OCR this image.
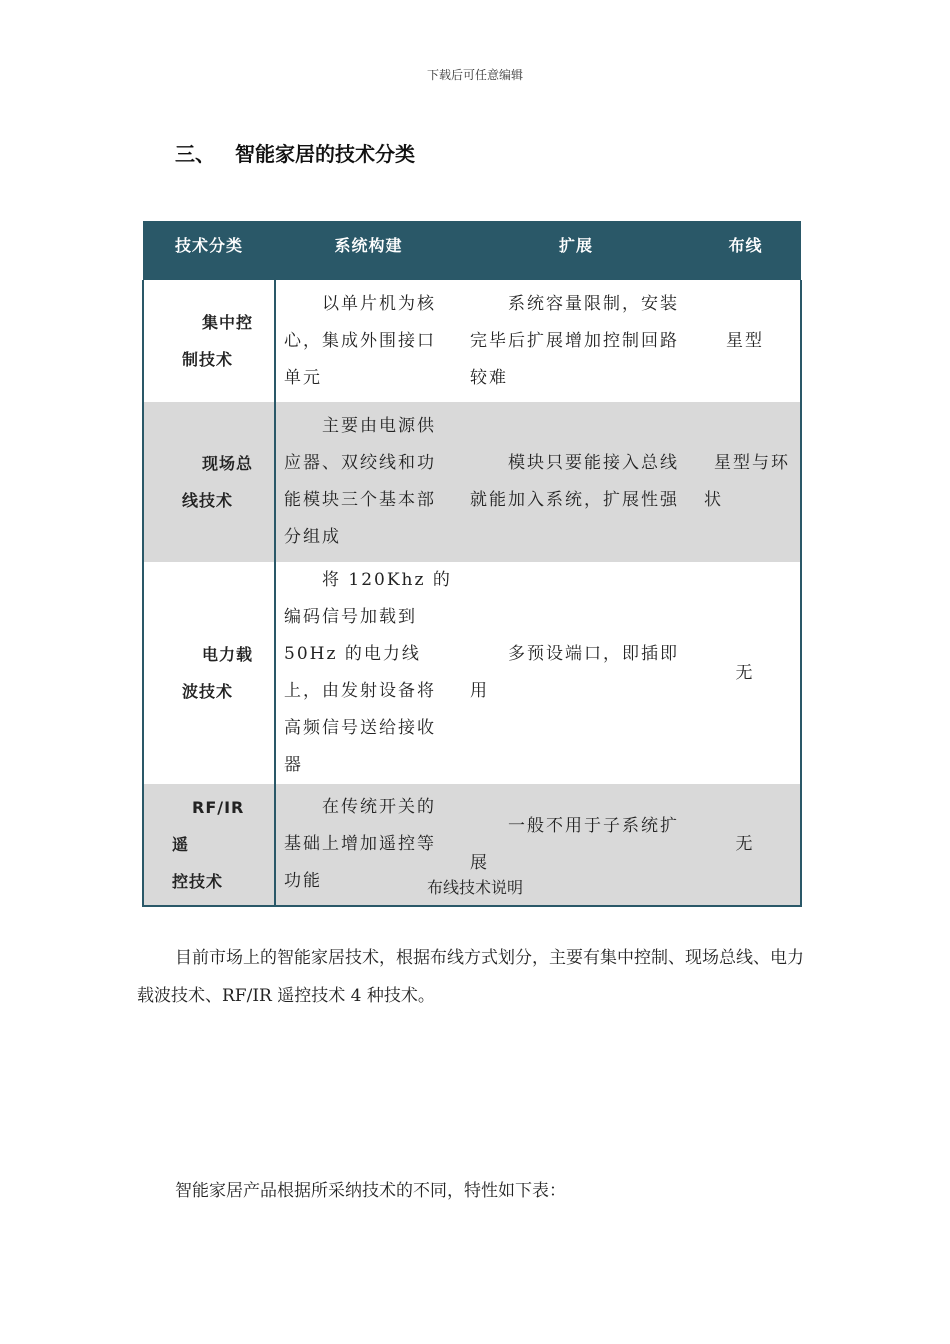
下载后可任意编辑
三、 智能家居的技术分类
技术分类	系统构建	扩展	布线
集中控
制技术	以单片机为核心，集成外围接口单元	系统容量限制，安装完毕后扩展增加控制回路较难	星型
现场总
线技术	主要由电源供应器、双绞线和功能模块三个基本部分组成	模块只要能接入总线就能加入系统，扩展性强	星型与环状
电力载
波技术	将 120Khz 的编码信号加载到 50Hz 的电力线上，由发射设备将高频信号送给接收器	多预设端口，即插即用	无
RF/IR 遥
控技术	在传统开关的基础上增加遥控等功能	一般不用于子系统扩展	无
布线技术说明
目前市场上的智能家居技术，根据布线方式划分，主要有集中控制、现场总线、电力载波技术、RF/IR 遥控技术 4 种技术。
智能家居产品根据所采纳技术的不同，特性如下表：
